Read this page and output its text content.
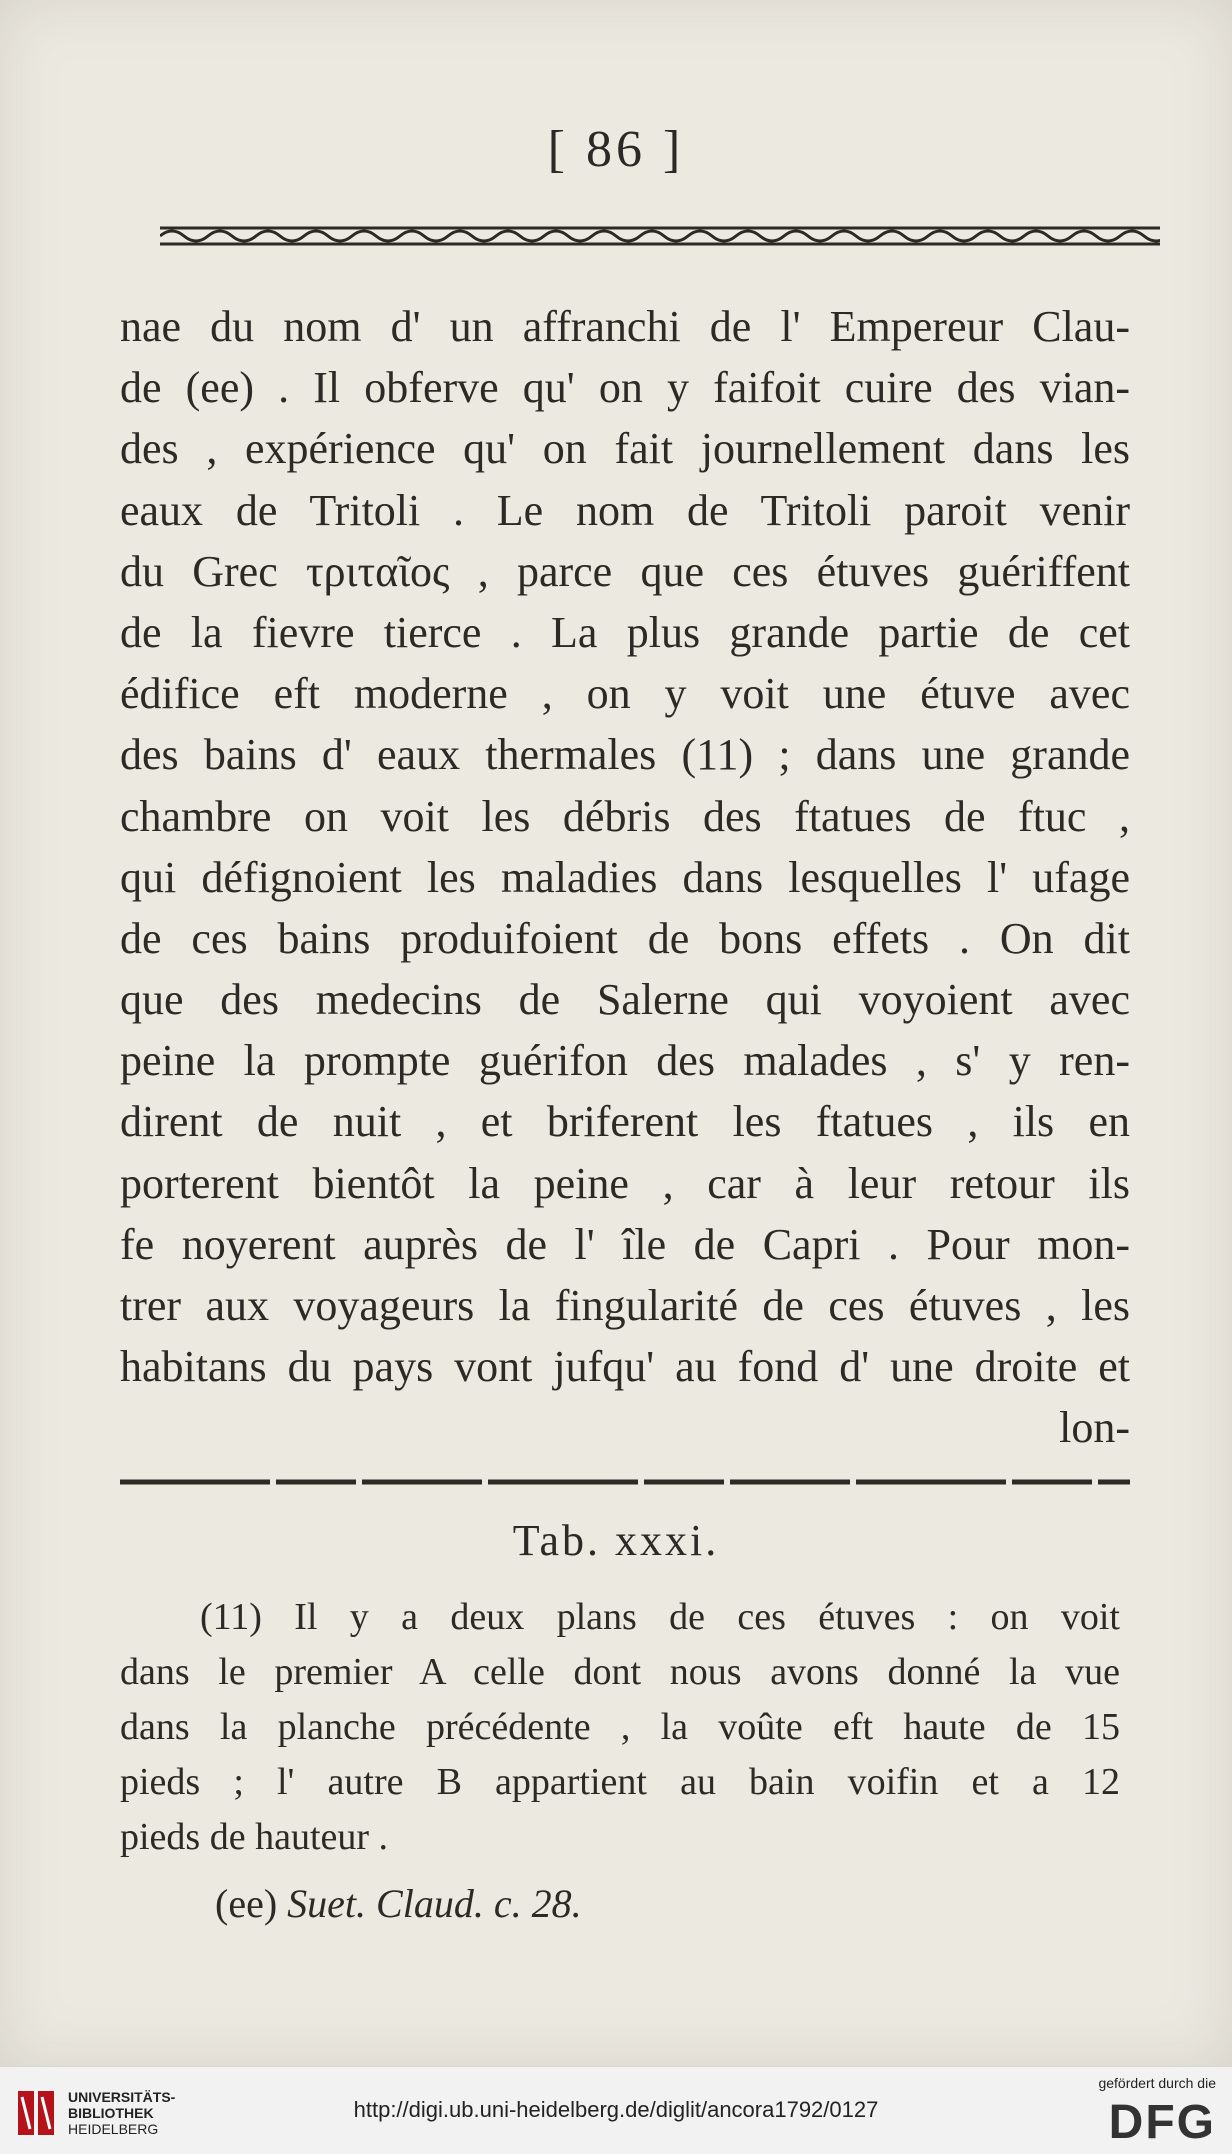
[ 86 ]
nae du nom d' un affranchi de l' Empereur Clau-
de (ee) . Il obferve qu' on y faifoit cuire des vian-
des , expérience qu' on fait journellement dans les
eaux de Tritoli . Le nom de Tritoli paroit venir
du Grec τριταῖος , parce que ces étuves guériffent
de la fievre tierce . La plus grande partie de cet
édifice eft moderne , on y voit une étuve avec
des bains d' eaux thermales (11) ; dans une grande
chambre on voit les débris des ftatues de ftuc ,
qui défignoient les maladies dans lesquelles l' ufage
de ces bains produifoient de bons effets . On dit
que des medecins de Salerne qui voyoient avec
peine la prompte guérifon des malades , s' y ren-
dirent de nuit , et briferent les ftatues , ils en
porterent bientôt la peine , car à leur retour ils
fe noyerent auprès de l' île de Capri . Pour mon-
trer aux voyageurs la fingularité de ces étuves , les
habitans du pays vont jufqu' au fond d' une droite et
lon-
Tab. xxxi.
(11) Il y a deux plans de ces étuves : on voit
dans le premier A celle dont nous avons donné la vue
dans la planche précédente , la voûte eft haute de 15
pieds ; l' autre B appartient au bain voifin et a 12
pieds de hauteur .
(ee) Suet. Claud. c. 28.
UNIVERSITÄTS-
BIBLIOTHEK
HEIDELBERG
http://digi.ub.uni-heidelberg.de/diglit/ancora1792/0127
gefördert durch die
DFG
